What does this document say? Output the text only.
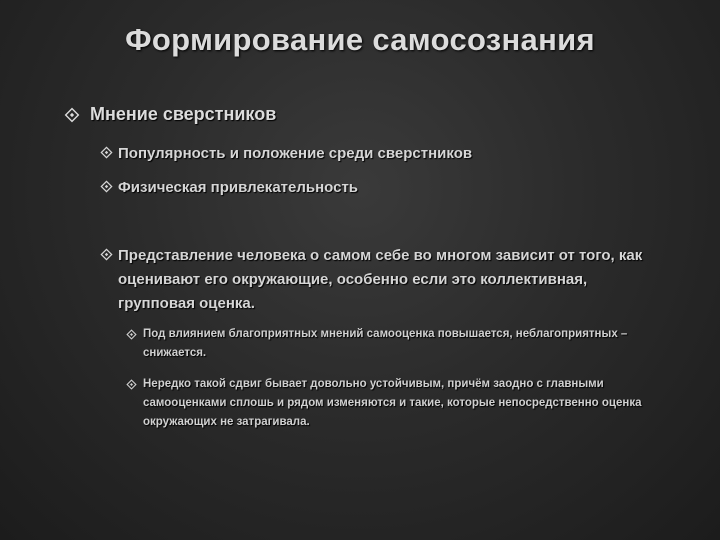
Формирование самосознания
Мнение сверстников
Популярность и положение среди сверстников
Физическая привлекательность
Представление человека о самом себе во многом зависит от того, как оценивают его окружающие, особенно если это коллективная, групповая оценка.
Под влиянием благоприятных мнений самооценка повышается, неблагоприятных – снижается.
Нередко такой сдвиг бывает довольно устойчивым, причём заодно с главными самооценками сплошь и рядом изменяются и такие, которые непосредственно оценка окружающих не затрагивала.
